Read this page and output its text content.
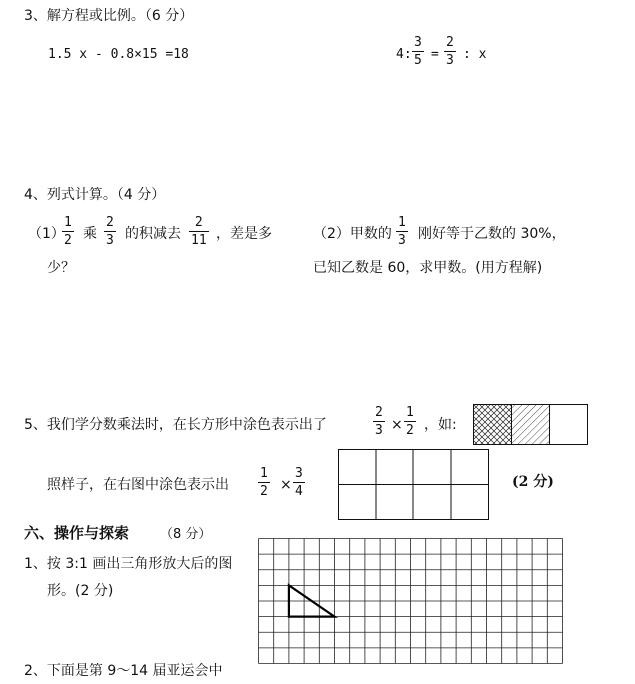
3、解方程或比例。（6 分）
1.5 x - 0.8×15 =18	4:
3
5 =
2
3 : x
4、列式计算。（4 分）
（1）
1
2 乘
2
3 的积减去
2
11 ，差是多
少？
（2）甲数的
1
3 刚好等于乙数的 30%，
已知乙数是 60，求甲数。(用方程解)
5、我们学分数乘法时，在长方形中涂色表示出了
2
3 ×
1
2 ，如:
照样子，在右图中涂色表示出
1
2 ×
3
4
(2 分)
六、操作与探索 （8 分）
1、按 3:1 画出三角形放大后的图
形。(2 分)
2、下面是第 9～14 届亚运会中
